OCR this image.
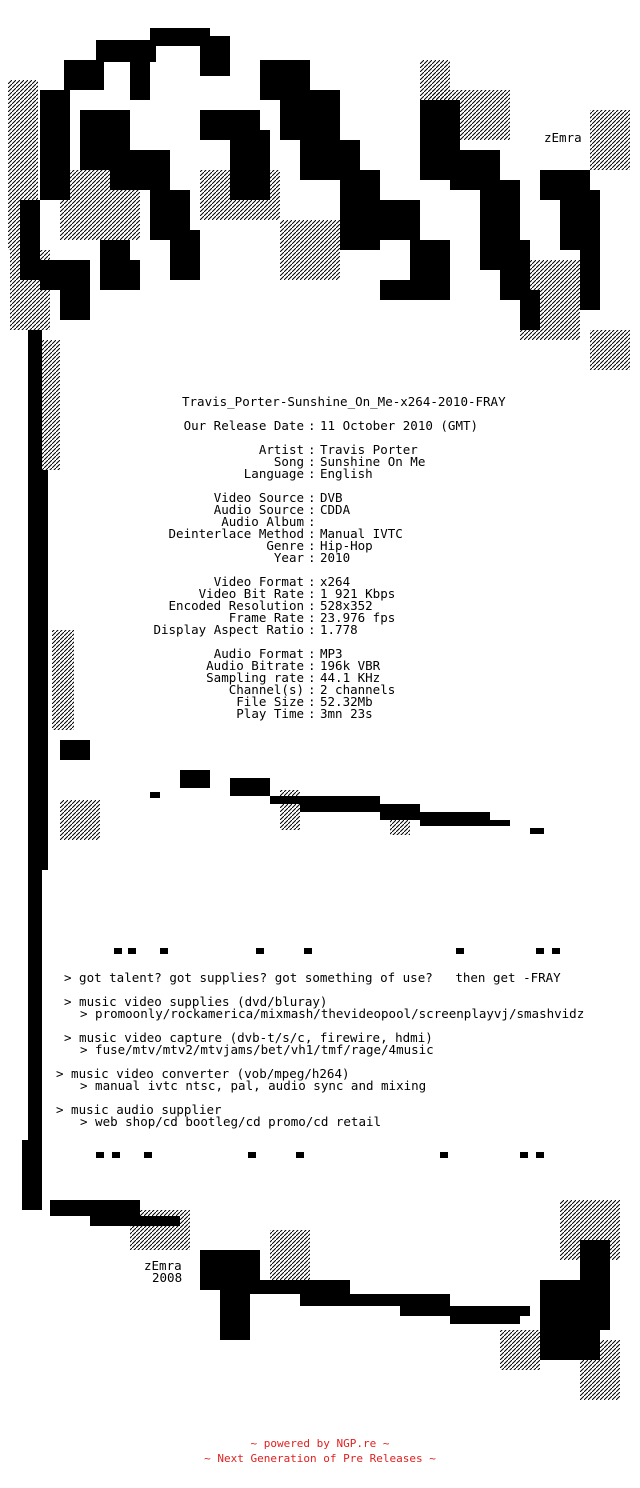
zEmra
Travis_Porter-Sunshine_On_Me-x264-2010-FRAY
Our Release Date : 11 October 2010 (GMT)
Artist : Travis Porter
Song : Sunshine On Me
Language : English
Video Source : DVB
Audio Source : CDDA
Audio Album :
Deinterlace Method : Manual IVTC
Genre : Hip-Hop
Year : 2010
Video Format : x264
Video Bit Rate : 1 921 Kbps
Encoded Resolution : 528x352
Frame Rate : 23.976 fps
Display Aspect Ratio : 1.778
Audio Format : MP3
Audio Bitrate : 196k VBR
Sampling rate : 44.1 KHz
Channel(s) : 2 channels
File Size : 52.32Mb
Play Time : 3mn 23s
> got talent? got supplies? got something of use?   then get -FRAY
> music video supplies (dvd/bluray)
> promoonly/rockamerica/mixmash/thevideopool/screenplayvj/smashvidz
> music video capture (dvb-t/s/c, firewire, hdmi)
> fuse/mtv/mtv2/mtvjams/bet/vh1/tmf/rage/4music
> music video converter (vob/mpeg/h264)
> manual ivtc ntsc, pal, audio sync and mixing
> music audio supplier
> web shop/cd bootleg/cd promo/cd retail
zEmra
2008
~ powered by NGP.re ~
~ Next Generation of Pre Releases ~
